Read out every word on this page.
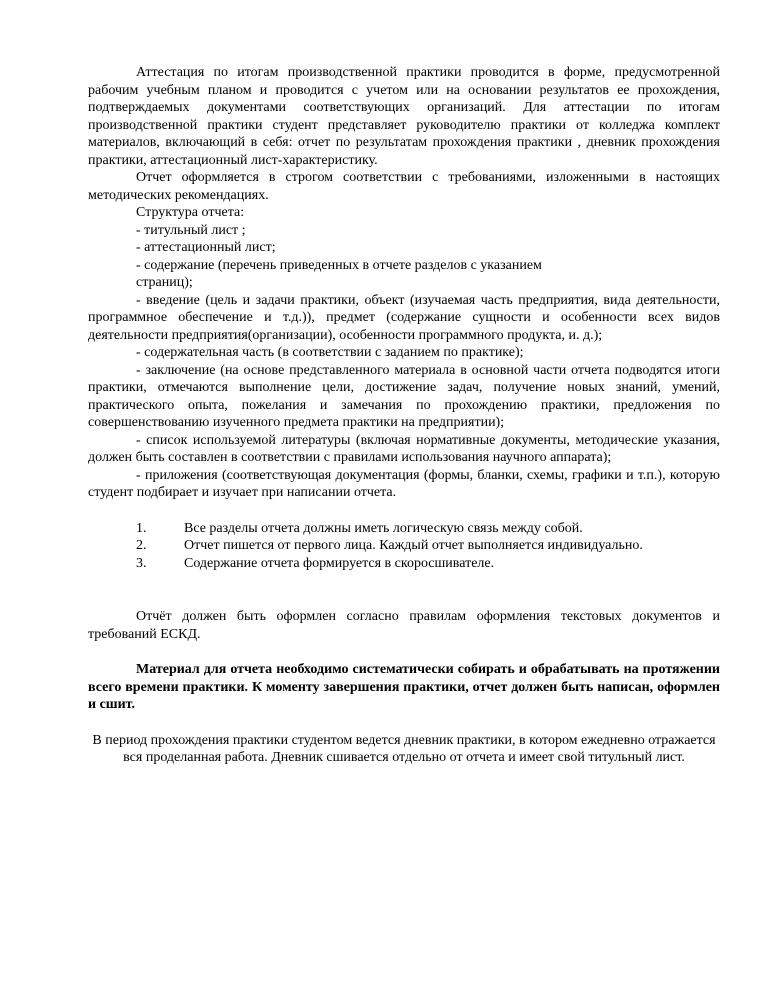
Аттестация по итогам производственной практики проводится в форме, предусмотренной рабочим учебным планом и проводится с учетом или на основании результатов ее прохождения, подтверждаемых документами соответствующих организаций. Для аттестации по итогам производственной практики студент представляет руководителю практики от колледжа комплект материалов, включающий в себя: отчет по результатам прохождения практики , дневник прохождения практики, аттестационный лист-характеристику.

Отчет оформляется в строгом соответствии с требованиями, изложенными в настоящих методических рекомендациях.

Структура отчета:

- титульный лист ;

- аттестационный лист;

- содержание (перечень приведенных в отчете разделов с указанием

страниц);

- введение (цель и задачи практики, объект (изучаемая часть предприятия, вида деятельности, программное обеспечение и т.д.)), предмет (содержание сущности и особенности всех видов деятельности предприятия(организации), особенности программного продукта, и. д.);

- содержательная часть (в соответствии с заданием по практике);

- заключение (на основе представленного материала в основной части отчета подводятся итоги практики, отмечаются выполнение цели, достижение задач, получение новых знаний, умений, практического опыта, пожелания и замечания по прохождению практики, предложения по совершенствованию изученного предмета практики на предприятии);

- список используемой литературы (включая нормативные документы, методические указания, должен быть составлен в соответствии с правилами использования научного аппарата);

- приложения (соответствующая документация (формы, бланки, схемы, графики и т.п.), которую студент подбирает и изучает при написании отчета.

1.	Все разделы отчета должны иметь логическую связь между собой.
2.	Отчет пишется от первого лица. Каждый отчет выполняется индивидуально.
3.	Содержание отчета формируется в скоросшивателе.

Отчёт должен быть оформлен согласно правилам оформления текстовых документов и требований ЕСКД.

Материал для отчета необходимо систематически собирать и обрабатывать на протяжении всего времени практики. К моменту завершения практики, отчет должен быть написан, оформлен и сшит.

В период прохождения практики студентом ведется дневник практики, в котором ежедневно отражается вся проделанная работа. Дневник сшивается отдельно от отчета и имеет свой титульный лист.
